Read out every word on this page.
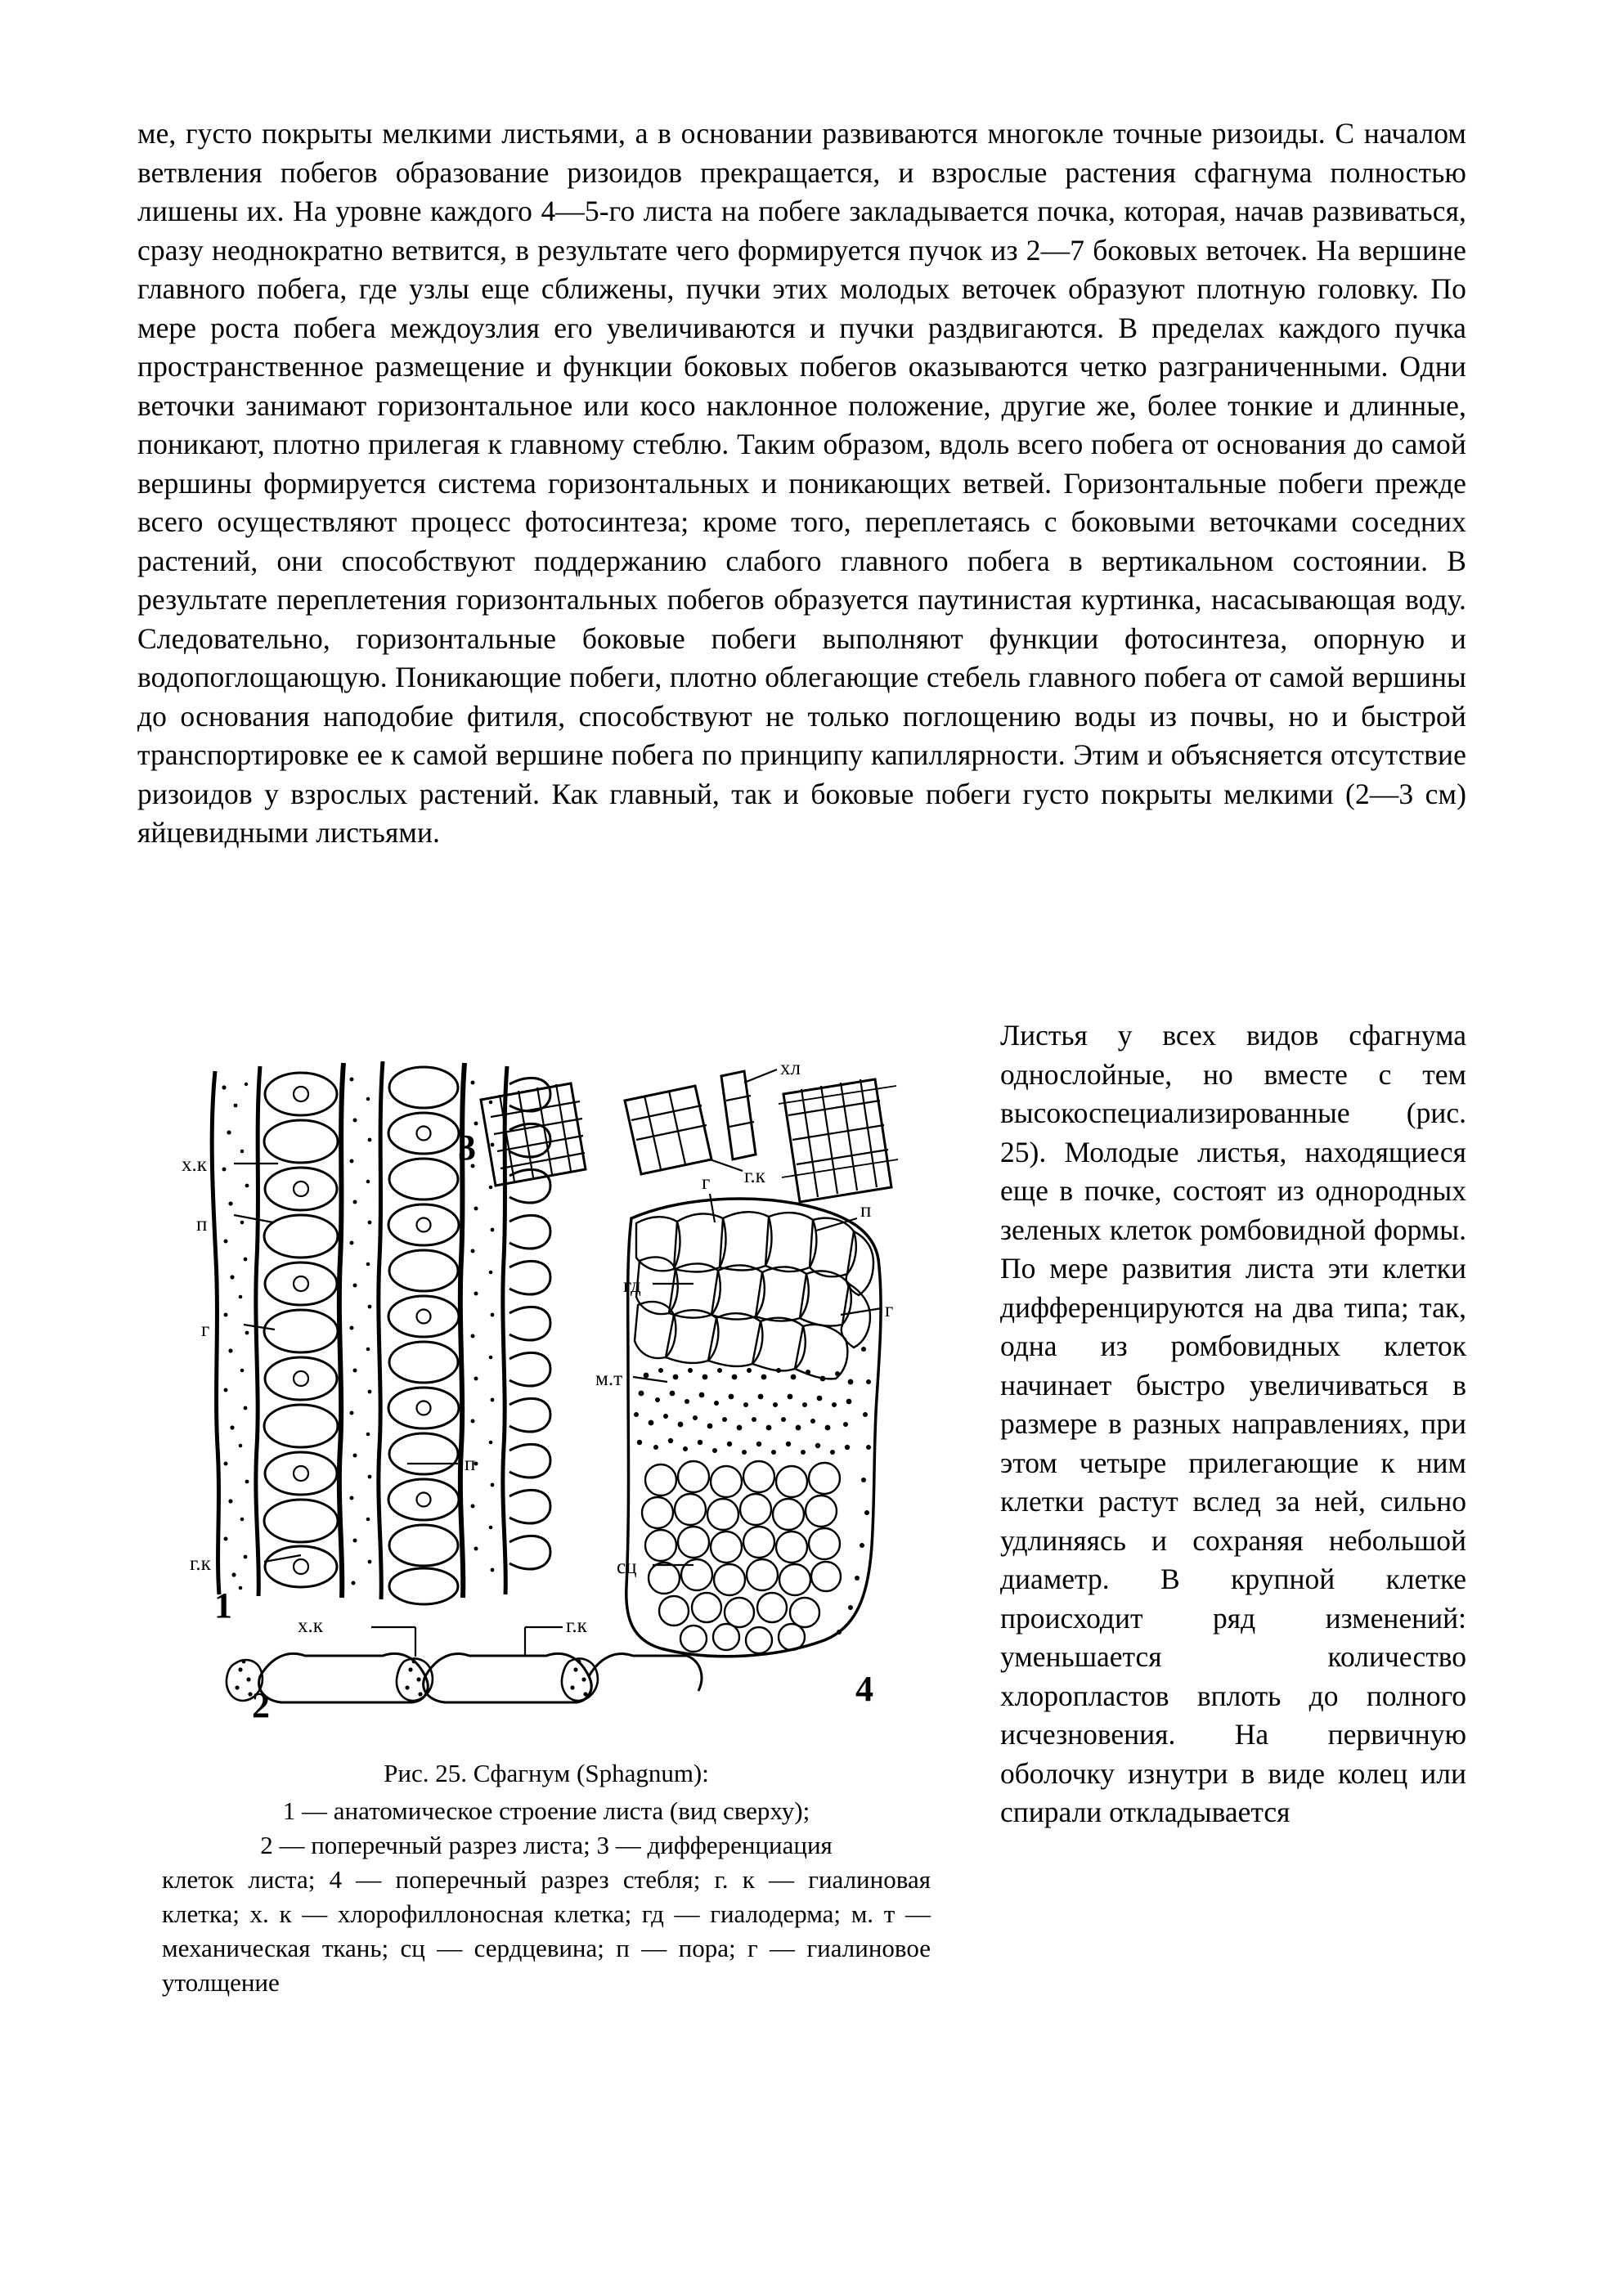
ме, густо покрыты мелкими листьями, а в основании развиваются многокле точные ризоиды. С началом ветвления побегов образование ризоидов прекращается, и взрослые растения сфагнума полностью лишены их. На уровне каждого 4—5-го листа на побеге закладывается почка, которая, начав развиваться, сразу неоднократно ветвится, в результате чего формируется пучок из 2—7 боковых веточек. На вершине главного побега, где узлы еще сближены, пучки этих молодых веточек образуют плотную головку. По мере роста побега междоузлия его увеличиваются и пучки раздвигаются. В пределах каждого пучка пространственное размещение и функции боковых побегов оказываются четко разграниченными. Одни веточки занимают горизонтальное или косо наклонное положение, другие же, более тонкие и длинные, поникают, плотно прилегая к главному стеблю. Таким образом, вдоль всего побега от основания до самой вершины формируется система горизонтальных и поникающих ветвей. Горизонтальные побеги прежде всего осуществляют процесс фотосинтеза; кроме того, переплетаясь с боковыми веточками соседних растений, они способствуют поддержанию слабого главного побега в вертикальном состоянии. В результате переплетения горизонтальных побегов образуется паутинистая куртинка, насасывающая воду. Следовательно, горизонтальные боковые побеги выполняют функции фотосинтеза, опорную и водопоглощающую. Поникающие побеги, плотно облегающие стебель главного побега от самой вершины до основания наподобие фитиля, способствуют не только поглощению воды из почвы, но и быстрой транспортировке ее к самой вершине побега по принципу капиллярности. Этим и объясняется отсутствие ризоидов у взрослых растений. Как главный, так и боковые побеги густо покрыты мелкими (2—3 см) яйцевидными листьями.

х.к
п
г
п
г.к
х.к	г.к
хл
г.к
г
п
гд
г
м.т
сц
1
2
3
4
Рис. 25. Сфагнум (Sphagnum):
1 — анатомическое строение листа (вид сверху);
2 — поперечный разрез листа; 3 — дифференциация
клеток листа; 4 — поперечный разрез стебля; г. к — гиалиновая клетка; х. к — хлорофиллоносная клетка; гд — гиалодерма; м. т — механическая ткань; сц — сердцевина; п — пора; г — гиалиновое утолщение

Листья у всех видов сфагнума однослойные, но вместе с тем высокоспециализированные (рис. 25). Молодые листья, находящиеся еще в почке, состоят из однородных зеленых клеток ромбовидной формы. По мере развития листа эти клетки дифференцируются на два типа; так, одна из ромбовидных клеток начинает быстро увеличиваться в размере в разных направлениях, при этом четыре прилегающие к ним клетки растут вслед за ней, сильно удлиняясь и сохраняя небольшой диаметр. В крупной клетке происходит ряд изменений: уменьшается количество хлоропластов вплоть до полного исчезновения. На первичную оболочку изнутри в виде колец или спирали откладывается
